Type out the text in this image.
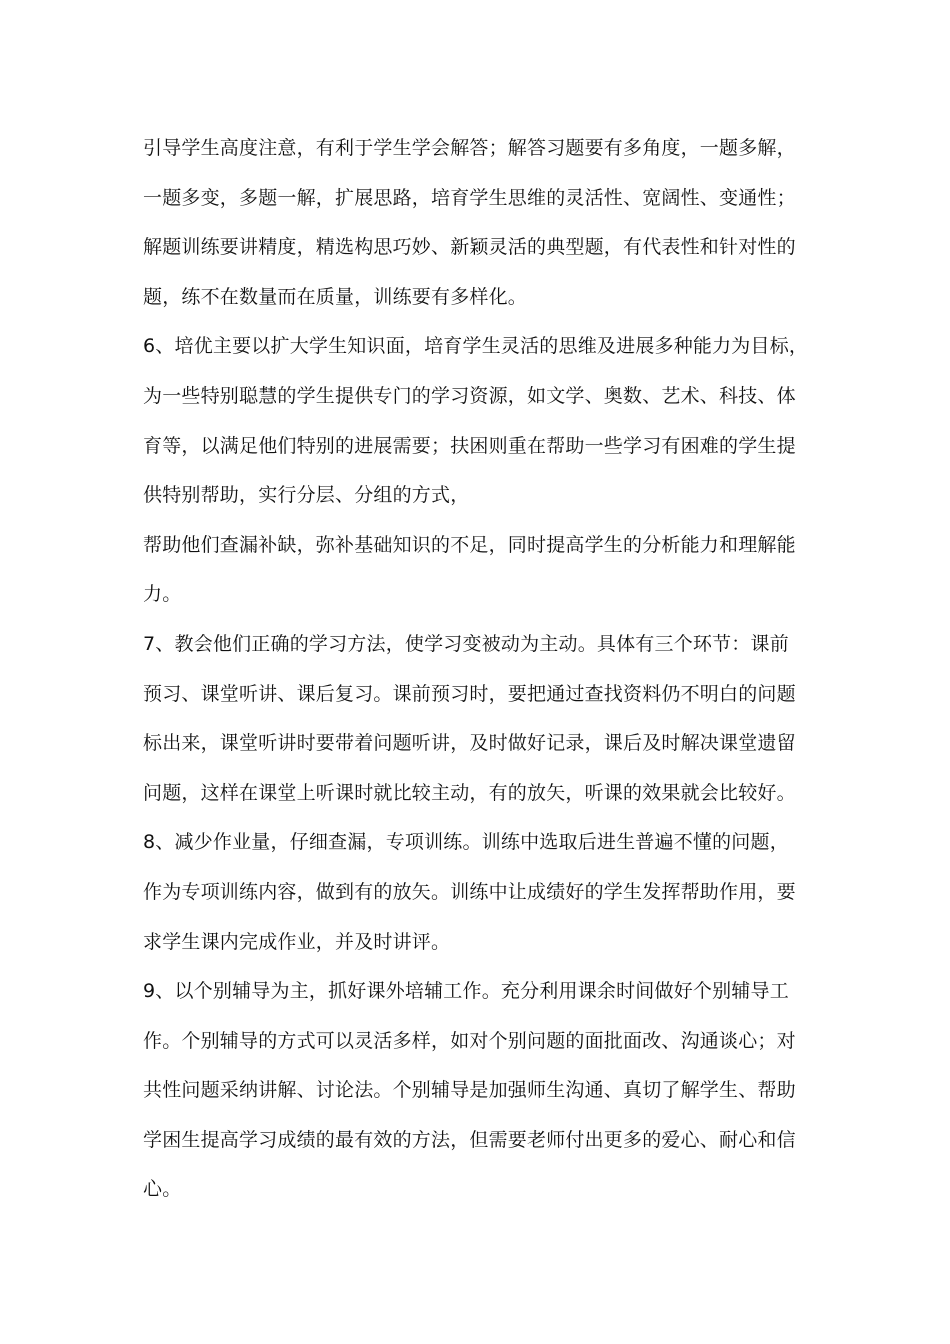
引导学生高度注意，有利于学生学会解答；解答习题要有多角度，一题多解，
一题多变，多题一解，扩展思路，培育学生思维的灵活性、宽阔性、变通性；
解题训练要讲精度，精选构思巧妙、新颖灵活的典型题，有代表性和针对性的
题，练不在数量而在质量，训练要有多样化。
6、培优主要以扩大学生知识面，培育学生灵活的思维及进展多种能力为目标，
为一些特别聪慧的学生提供专门的学习资源，如文学、奥数、艺术、科技、体
育等，以满足他们特别的进展需要；扶困则重在帮助一些学习有困难的学生提
供特别帮助，实行分层、分组的方式，
帮助他们查漏补缺，弥补基础知识的不足，同时提高学生的分析能力和理解能
力。
7、教会他们正确的学习方法，使学习变被动为主动。具体有三个环节：课前
预习、课堂听讲、课后复习。课前预习时，要把通过查找资料仍不明白的问题
标出来，课堂听讲时要带着问题听讲，及时做好记录，课后及时解决课堂遗留
问题，这样在课堂上听课时就比较主动，有的放矢，听课的效果就会比较好。
8、减少作业量，仔细查漏，专项训练。训练中选取后进生普遍不懂的问题，
作为专项训练内容，做到有的放矢。训练中让成绩好的学生发挥帮助作用，要
求学生课内完成作业，并及时讲评。
9、以个别辅导为主，抓好课外培辅工作。充分利用课余时间做好个别辅导工
作。个别辅导的方式可以灵活多样，如对个别问题的面批面改、沟通谈心；对
共性问题采纳讲解、讨论法。个别辅导是加强师生沟通、真切了解学生、帮助
学困生提高学习成绩的最有效的方法，但需要老师付出更多的爱心、耐心和信
心。
